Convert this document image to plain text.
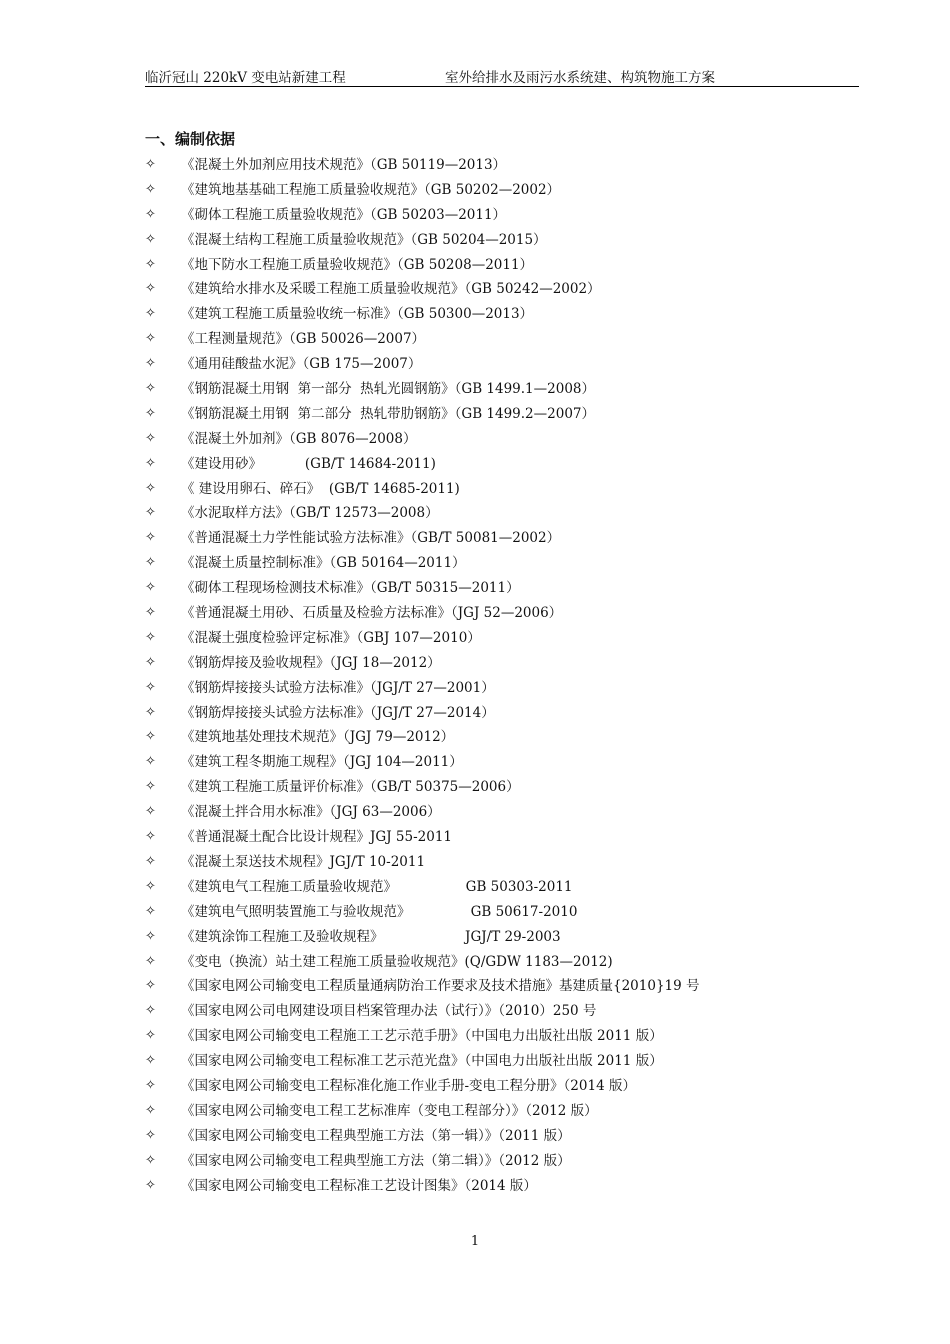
临沂冠山 220kV 变电站新建工程	室外给排水及雨污水系统建、构筑物施工方案
一、编制依据
✧	《混凝土外加剂应用技术规范》（GB 50119—2013）
✧	《建筑地基基础工程施工质量验收规范》（GB 50202—2002）
✧	《砌体工程施工质量验收规范》（GB 50203—2011）
✧	《混凝土结构工程施工质量验收规范》（GB 50204—2015）
✧	《地下防水工程施工质量验收规范》（GB 50208—2011）
✧	《建筑给水排水及采暖工程施工质量验收规范》（GB 50242—2002）
✧	《建筑工程施工质量验收统一标准》（GB 50300—2013）
✧	《工程测量规范》（GB 50026—2007）
✧	《通用硅酸盐水泥》（GB 175—2007）
✧	《钢筋混凝土用钢  第一部分  热轧光圆钢筋》（GB 1499.1—2008）
✧	《钢筋混凝土用钢  第二部分  热轧带肋钢筋》（GB 1499.2—2007）
✧	《混凝土外加剂》（GB 8076—2008）
✧	《建设用砂》          (GB/T 14684-2011)
✧	《 建设用卵石、碎石》  (GB/T 14685-2011)
✧	《水泥取样方法》（GB/T 12573—2008）
✧	《普通混凝土力学性能试验方法标准》（GB/T 50081—2002）
✧	《混凝土质量控制标准》（GB 50164—2011）
✧	《砌体工程现场检测技术标准》（GB/T 50315—2011）
✧	《普通混凝土用砂、石质量及检验方法标准》（JGJ 52—2006）
✧	《混凝土强度检验评定标准》（GBJ 107—2010）
✧	《钢筋焊接及验收规程》（JGJ 18—2012）
✧	《钢筋焊接接头试验方法标准》（JGJ/T 27—2001）
✧	《钢筋焊接接头试验方法标准》（JGJ/T 27—2014）
✧	《建筑地基处理技术规范》（JGJ 79—2012）
✧	《建筑工程冬期施工规程》（JGJ 104—2011）
✧	《建筑工程施工质量评价标准》（GB/T 50375—2006）
✧	《混凝土拌合用水标准》（JGJ 63—2006）
✧	《普通混凝土配合比设计规程》JGJ 55-2011
✧	《混凝土泵送技术规程》JGJ/T 10-2011
✧	《建筑电气工程施工质量验收规范》                GB 50303-2011
✧	《建筑电气照明装置施工与验收规范》              GB 50617-2010
✧	《建筑涂饰工程施工及验收规程》                   JGJ/T 29-2003
✧	《变电（换流）站土建工程施工质量验收规范》(Q/GDW 1183—2012)
✧	《国家电网公司输变电工程质量通病防治工作要求及技术措施》基建质量{2010}19 号
✧	《国家电网公司电网建设项目档案管理办法（试行）》（2010）250 号
✧	《国家电网公司输变电工程施工工艺示范手册》（中国电力出版社出版 2011 版）
✧	《国家电网公司输变电工程标准工艺示范光盘》（中国电力出版社出版 2011 版）
✧	《国家电网公司输变电工程标准化施工作业手册-变电工程分册》（2014 版）
✧	《国家电网公司输变电工程工艺标准库（变电工程部分）》（2012 版）
✧	《国家电网公司输变电工程典型施工方法（第一辑）》（2011 版）
✧	《国家电网公司输变电工程典型施工方法（第二辑）》（2012 版）
✧	《国家电网公司输变电工程标准工艺设计图集》（2014 版）
1
